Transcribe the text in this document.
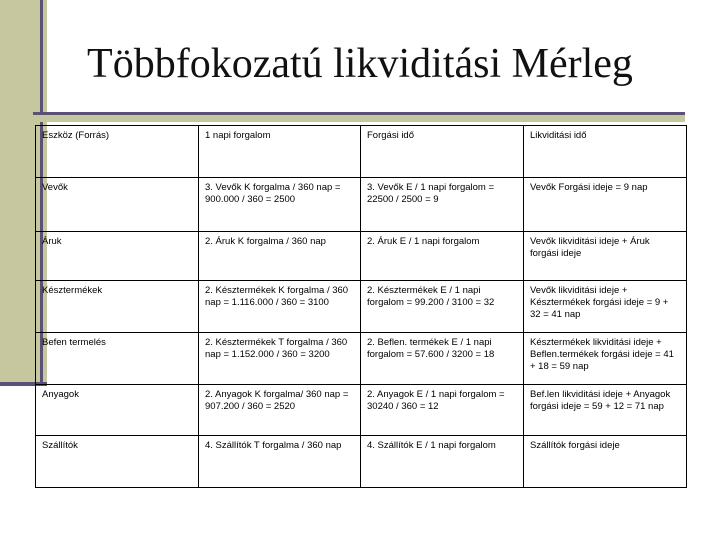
Többfokozatú likviditási Mérleg
Eszköz (Forrás)	1 napi forgalom	Forgási idő	Likviditási idő
Vevők	3. Vevők K forgalma / 360 nap = 900.000 / 360 = 2500	3. Vevők E / 1 napi forgalom = 22500 / 2500 = 9	Vevők Forgási ideje = 9 nap
Áruk	2. Áruk K forgalma / 360 nap	2. Áruk E / 1 napi forgalom	Vevők likviditási ideje + Áruk forgási ideje
Késztermékek	2. Késztermékek K forgalma / 360 nap = 1.116.000 / 360 = 3100	2. Késztermékek E / 1 napi forgalom = 99.200 / 3100 = 32	Vevők likviditási ideje + Késztermékek forgási ideje = 9 + 32 = 41 nap
Befen termelés	2. Késztermékek T forgalma / 360 nap = 1.152.000 / 360 = 3200	2. Beflen. termékek E / 1 napi forgalom = 57.600 / 3200 = 18	Késztermékek likviditási ideje + Beflen.termékek forgási ideje = 41 + 18 = 59 nap
Anyagok	2. Anyagok K forgalma/ 360 nap = 907.200 / 360 = 2520	2. Anyagok E / 1 napi forgalom = 30240 / 360 = 12	Bef.len likviditási ideje + Anyagok forgási ideje = 59 + 12 = 71 nap
Szállítók	4. Szállítók T forgalma / 360 nap	4. Szállítók E / 1 napi forgalom	Szállítók forgási ideje
